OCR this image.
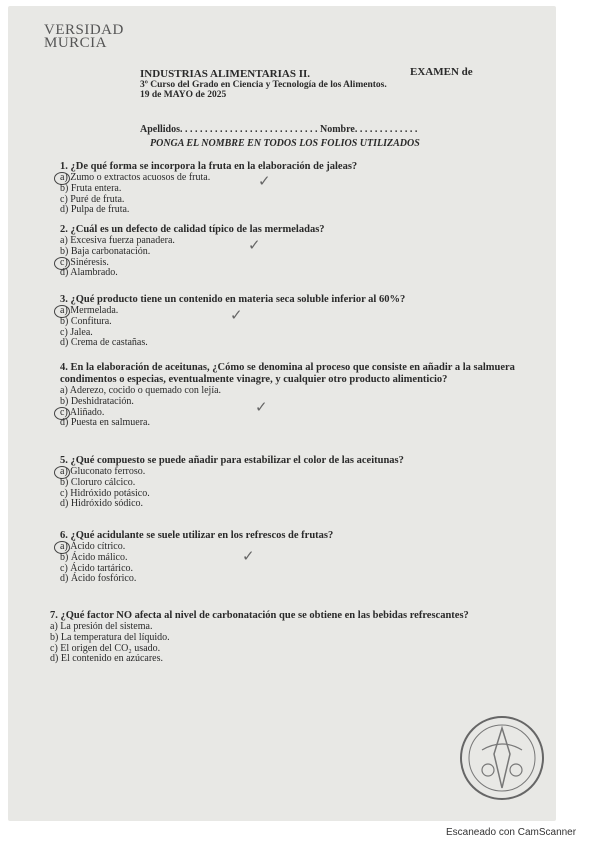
VERSIDAD
MURCIA
EXAMEN de
INDUSTRIAS ALIMENTARIAS II.
3º Curso del Grado en Ciencia y Tecnología de los Alimentos.
19 de MAYO de 2025
Apellidos. . . . . . . . . . . . . . . . . . . . . . . . . . . . Nombre. . . . . . . . . . . . .
PONGA EL NOMBRE EN TODOS LOS FOLIOS UTILIZADOS
1. ¿De qué forma se incorpora la fruta en la elaboración de jaleas?
a) Zumo o extractos acuosos de fruta.
b) Fruta entera.
c) Puré de fruta.
d) Pulpa de fruta.
✓
2. ¿Cuál es un defecto de calidad típico de las mermeladas?
a) Excesiva fuerza panadera.
b) Baja carbonatación.
c) Sinéresis.
d) Alambrado.
✓
3. ¿Qué producto tiene un contenido en materia seca soluble inferior al 60%?
a) Mermelada.
b) Confitura.
c) Jalea.
d) Crema de castañas.
✓
4. En la elaboración de aceitunas, ¿Cómo se denomina al proceso que consiste en añadir a la salmuera condimentos o especias, eventualmente vinagre, y cualquier otro producto alimenticio?
a) Aderezo, cocido o quemado con lejía.
b) Deshidratación.
c) Aliñado.
d) Puesta en salmuera.
✓
5. ¿Qué compuesto se puede añadir para estabilizar el color de las aceitunas?
a) Gluconato ferroso.
b) Cloruro cálcico.
c) Hidróxido potásico.
d) Hidróxido sódico.
6. ¿Qué acidulante se suele utilizar en los refrescos de frutas?
a) Ácido cítrico.
b) Ácido málico.
c) Ácido tartárico.
d) Ácido fosfórico.
✓
7. ¿Qué factor NO afecta al nivel de carbonatación que se obtiene en las bebidas refrescantes?
a) La presión del sistema.
b) La temperatura del líquido.
c) El origen del CO₂ usado.
d) El contenido en azúcares.
Escaneado con CamScanner
